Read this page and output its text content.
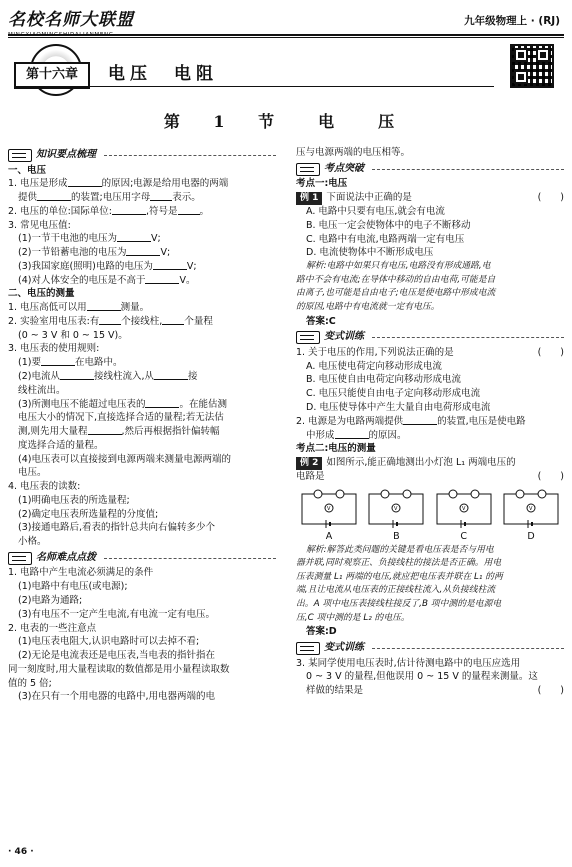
名校名师大联盟
MINGXIAOMINGSHIDALIANMENG
九年级物理上 · (RJ)
第十六章	电压　电阻
第 1 节　电　压
知识要点梳理

一、电压

1. 电压是形成	的原因;电源是给用电器的两端

提供	的装置;电压用字母 表示。

2. 电压的单位:国际单位:	,符号是 。

3. 常见电压值:

(1)一节干电池的电压为	V;

(2)一节铅蓄电池的电压为	V;

(3)我国家庭(照明)电路的电压为	V;

(4)对人体安全的电压是不高于	V。

二、电压的测量

1. 电压高低可以用	测量。

2. 实验室用电压表:有 个接线柱, 个量程

(0 ~ 3 V 和 0 ~ 15 V)。

3. 电压表的使用规则:

(1)要	在电路中。

(2)电流从	接线柱流入,从	接

线柱流出。

(3)所测电压不能超过电压表的	。在能估测

电压大小的情况下,直接选择合适的量程;若无法估

测,则先用大量程	,然后再根据指针偏转幅

度选择合适的量程。

(4)电压表可以直接接到电源两端来测量电源两端的

电压。

4. 电压表的读数:

(1)明确电压表的所选量程;

(2)确定电压表所选量程的分度值;

(3)接通电路后,看表的指针总共向右偏转多少个

小格。

名师难点点拨

1. 电路中产生电流必须满足的条件

(1)电路中有电压(或电源);

(2)电路为通路;

(3)有电压不一定产生电流,有电流一定有电压。

2. 电表的一些注意点

(1)电压表电阻大,认识电路时可以去掉不看;

(2)无论是电流表还是电压表,当电表的指针指在

同一刻度时,用大量程读取的数值都是用小量程读取数

值的 5 倍;

(3)在只有一个用电器的电路中,用电器两端的电

压与电源两端的电压相等。

考点突破

考点一:电压

例 1 下面说法中正确的是	(　　)

A. 电路中只要有电压,就会有电流

B. 电压一定会使物体中的电子不断移动

C. 电路中有电流,电路两端一定有电压

D. 电流使物体中不断形成电压

解析:电路中如果只有电压,电路没有形成通路,电

路中不会有电流;在导体中移动的自由电荷,可能是自

由离子,也可能是自由电子;电压是使电路中形成电流

的原因,电路中有电流就一定有电压。

答案:C

变式训练
1. 关于电压的作用,下列说法正确的是	(　　)

A. 电压使电荷定向移动形成电流

B. 电压使自由电荷定向移动形成电流

C. 电压只能使自由电子定向移动形成电流

D. 电压使导体中产生大量自由电荷形成电流

2. 电源是为电路两端提供	的装置,电压是使电路

中形成	的原因。

考点二:电压的测量

例 2 如图所示,能正确地测出小灯泡 L₁ 两端电压的

电路是	(　　)
V
A
V
B
V
C
V
D

解析:解答此类问题的关键是看电压表是否与用电

器并联,同时观察正、负接线柱的接法是否正确。用电

压表测量 L₁ 两端的电压,就应把电压表并联在 L₁ 的两

端,且让电流从电压表的正接线柱流入,从负接线柱流

出。A 项中电压表接线柱接反了,B 项中测的是电源电

压,C 项中测的是 L₂ 的电压。

答案:D

变式训练

3. 某同学使用电压表时,估计待测电路中的电压应选用

0 ~ 3 V 的量程,但他误用 0 ~ 15 V 的量程来测量。这

样做的结果是	(　　)
· 46 ·
